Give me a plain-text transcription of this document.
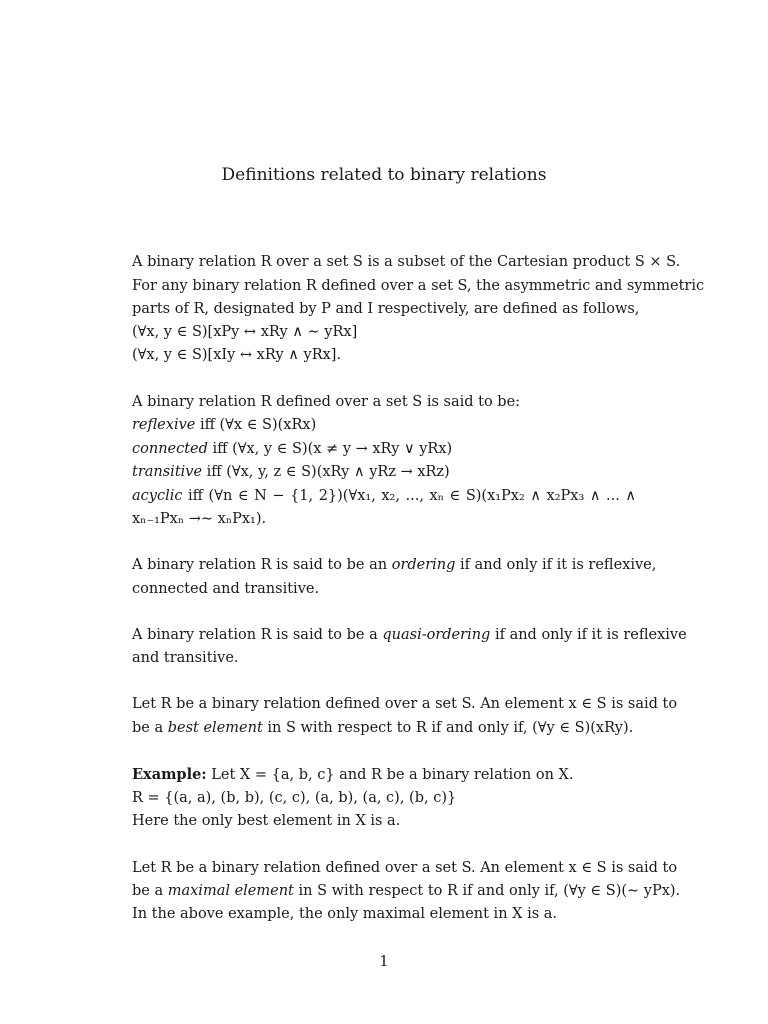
Definitions related to binary relations
A binary relation R over a set S is a subset of the Cartesian product S × S.
For any binary relation R defined over a set S, the asymmetric and symmetric
parts of R, designated by P and I respectively, are defined as follows,
(∀x, y ∈ S)[xPy ↔ xRy ∧ ∼ yRx]
(∀x, y ∈ S)[xIy ↔ xRy ∧ yRx].
A binary relation R defined over a set S is said to be:
reflexive iff (∀x ∈ S)(xRx)
connected iff (∀x, y ∈ S)(x ≠ y → xRy ∨ yRx)
transitive iff (∀x, y, z ∈ S)(xRy ∧ yRz → xRz)
acyclic iff (∀n ∈ N − {1, 2})(∀x₁, x₂, ..., xₙ ∈ S)(x₁Px₂ ∧ x₂Px₃ ∧ ... ∧
xₙ₋₁Pxₙ →∼ xₙPx₁).
A binary relation R is said to be an ordering if and only if it is reflexive,
connected and transitive.
A binary relation R is said to be a quasi-ordering if and only if it is reflexive
and transitive.
Let R be a binary relation defined over a set S. An element x ∈ S is said to
be a best element in S with respect to R if and only if, (∀y ∈ S)(xRy).
Example: Let X = {a, b, c} and R be a binary relation on X.
R = {(a, a), (b, b), (c, c), (a, b), (a, c), (b, c)}
Here the only best element in X is a.
Let R be a binary relation defined over a set S. An element x ∈ S is said to
be a maximal element in S with respect to R if and only if, (∀y ∈ S)(∼ yPx).
In the above example, the only maximal element in X is a.
1
